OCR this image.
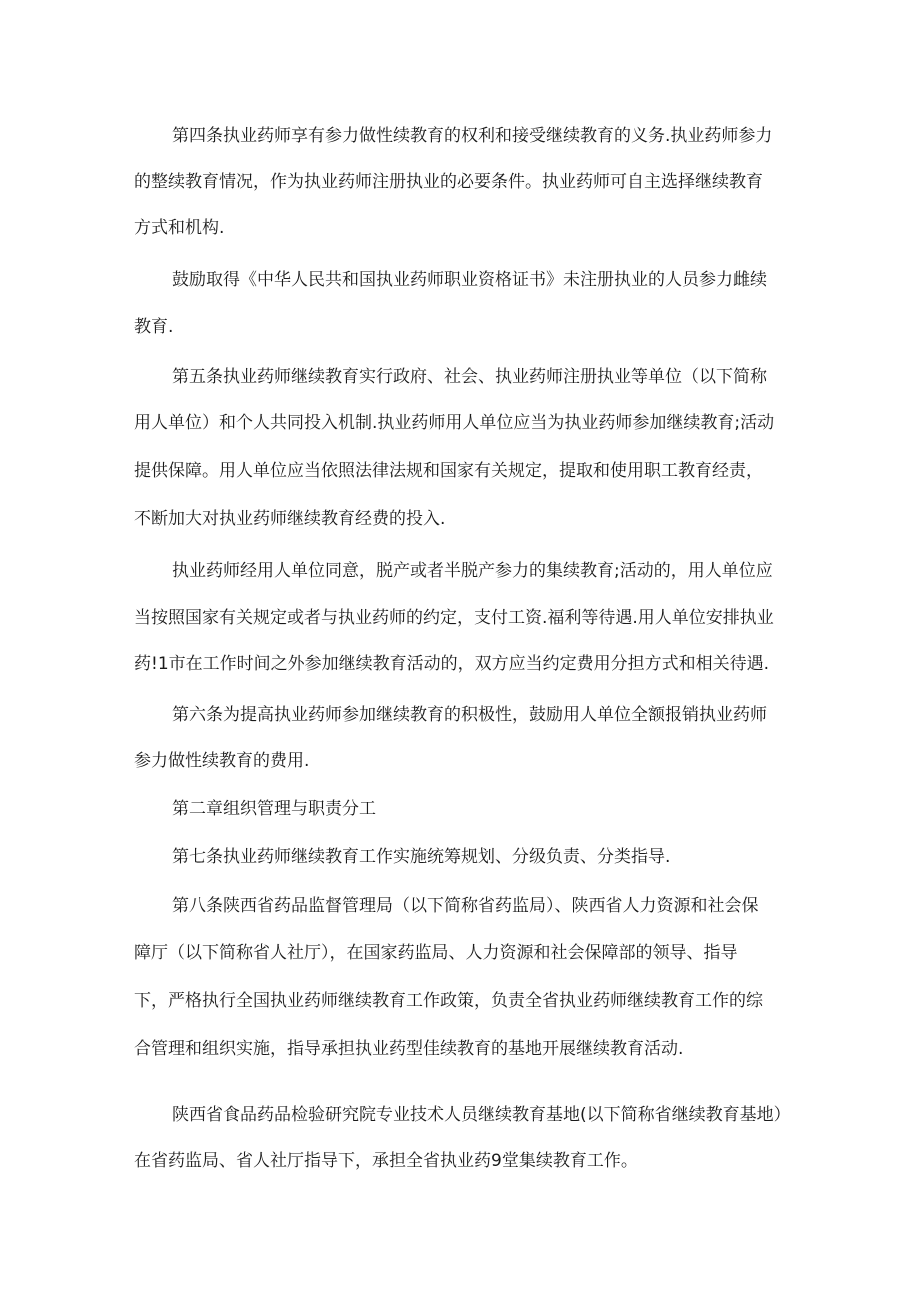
第四条执业药师享有参力做性续教育的权利和接受继续教育的义务.执业药师参力
的整续教育情况，作为执业药师注册执业的必要条件。执业药师可自主选择继续教育
方式和机构.
鼓励取得《中华人民共和国执业药师职业资格证书》未注册执业的人员参力雌续
教育.
第五条执业药师继续教育实行政府、社会、执业药师注册执业等单位（以下简称
用人单位）和个人共同投入机制.执业药师用人单位应当为执业药师参加继续教育;活动
提供保障。用人单位应当依照法律法规和国家有关规定，提取和使用职工教育经责，
不断加大对执业药师继续教育经费的投入.
执业药师经用人单位同意，脱产或者半脱产参力的集续教育;活动的，用人单位应
当按照国家有关规定或者与执业药师的约定，支付工资.福利等待遇.用人单位安排执业
药!1市在工作时间之外参加继续教育活动的，双方应当约定费用分担方式和相关待遇.
第六条为提高执业药师参加继续教育的积极性，鼓励用人单位全额报销执业药师
参力做性续教育的费用.
第二章组织管理与职责分工
第七条执业药师继续教育工作实施统筹规划、分级负责、分类指导.
第八条陕西省药品监督管理局（以下简称省药监局）、陕西省人力资源和社会保
障厅（以下简称省人社厅），在国家药监局、人力资源和社会保障部的领导、指导
下，严格执行全国执业药师继续教育工作政策，负责全省执业药师继续教育工作的综
合管理和组织实施，指导承担执业药型佳续教育的基地开展继续教育活动.
陕西省食品药品检验研究院专业技术人员继续教育基地(以下简称省继续教育基地）
在省药监局、省人社厅指导下，承担全省执业药9堂集续教育工作。
